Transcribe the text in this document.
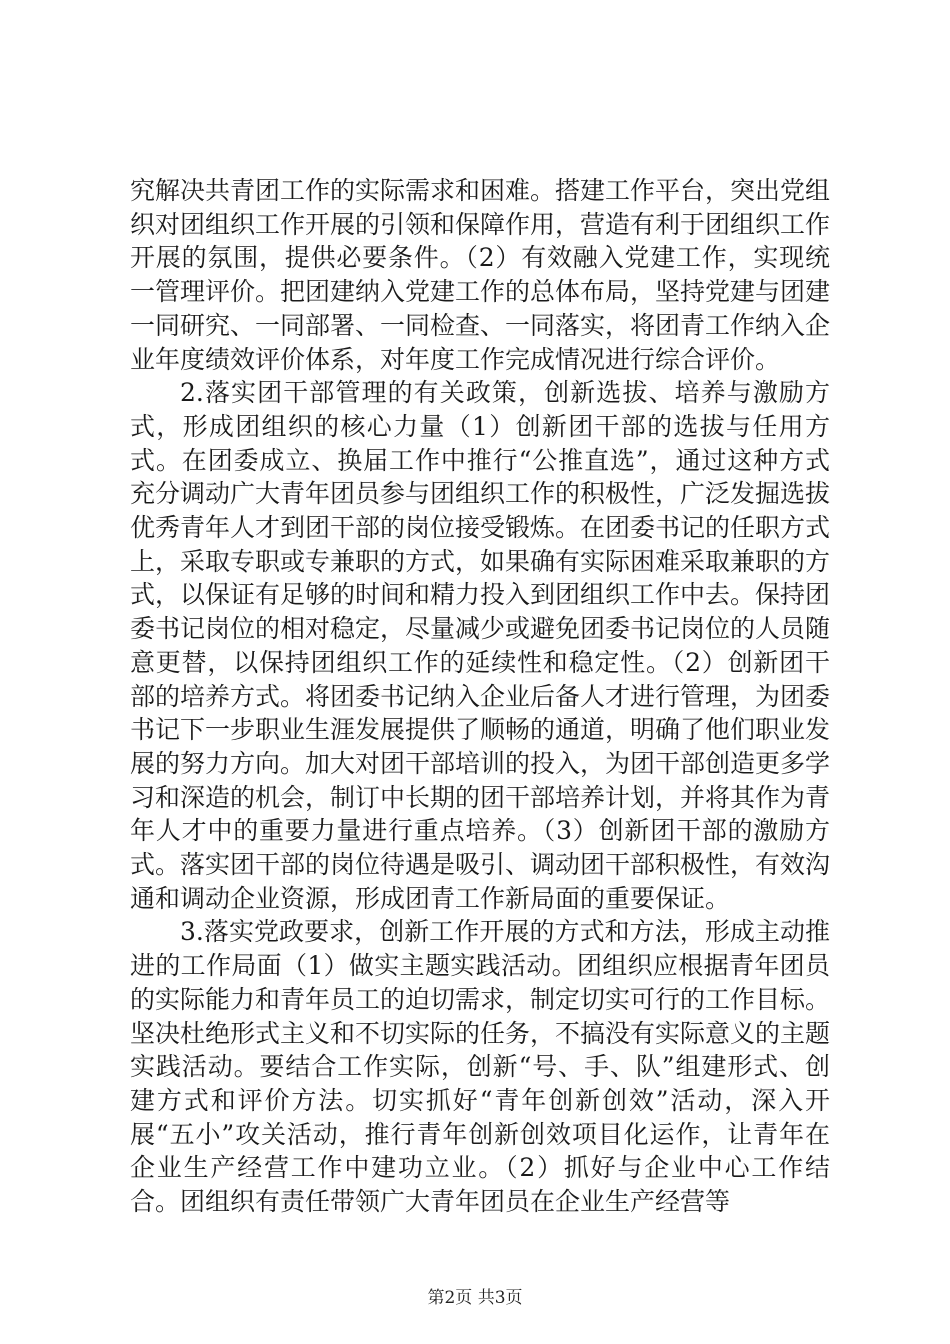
究解决共青团工作的实际需求和困难。搭建工作平台，突出党组织对团组织工作开展的引领和保障作用，营造有利于团组织工作开展的氛围，提供必要条件。（2）有效融入党建工作，实现统一管理评价。把团建纳入党建工作的总体布局，坚持党建与团建一同研究、一同部署、一同检查、一同落实，将团青工作纳入企业年度绩效评价体系，对年度工作完成情况进行综合评价。

2.落实团干部管理的有关政策，创新选拔、培养与激励方式，形成团组织的核心力量（1）创新团干部的选拔与任用方式。在团委成立、换届工作中推行“公推直选”，通过这种方式充分调动广大青年团员参与团组织工作的积极性，广泛发掘选拔优秀青年人才到团干部的岗位接受锻炼。在团委书记的任职方式上，采取专职或专兼职的方式，如果确有实际困难采取兼职的方式，以保证有足够的时间和精力投入到团组织工作中去。保持团委书记岗位的相对稳定，尽量减少或避免团委书记岗位的人员随意更替，以保持团组织工作的延续性和稳定性。（2）创新团干部的培养方式。将团委书记纳入企业后备人才进行管理，为团委书记下一步职业生涯发展提供了顺畅的通道，明确了他们职业发展的努力方向。加大对团干部培训的投入，为团干部创造更多学习和深造的机会，制订中长期的团干部培养计划，并将其作为青年人才中的重要力量进行重点培养。（3）创新团干部的激励方式。落实团干部的岗位待遇是吸引、调动团干部积极性，有效沟通和调动企业资源，形成团青工作新局面的重要保证。

3.落实党政要求，创新工作开展的方式和方法，形成主动推进的工作局面（1）做实主题实践活动。团组织应根据青年团员的实际能力和青年员工的迫切需求，制定切实可行的工作目标。坚决杜绝形式主义和不切实际的任务，不搞没有实际意义的主题实践活动。要结合工作实际，创新“号、手、队”组建形式、创建方式和评价方法。切实抓好“青年创新创效”活动，深入开展“五小”攻关活动，推行青年创新创效项目化运作，让青年在企业生产经营工作中建功立业。（2）抓好与企业中心工作结合。团组织有责任带领广大青年团员在企业生产经营等

第2页 共3页
